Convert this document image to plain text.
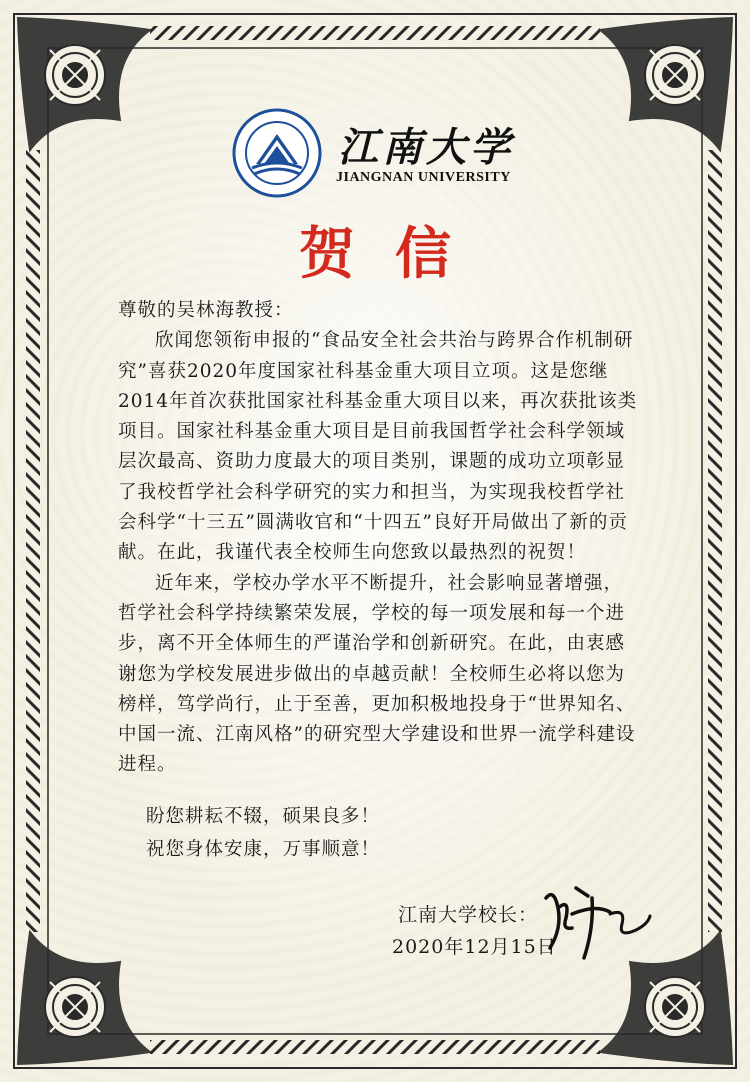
江南大学
JIANGNAN UNIVERSITY
贺信

尊敬的吴林海教授：

欣闻您领衔申报的“食品安全社会共治与跨界合作机制研究”喜获2020年度国家社科基金重大项目立项。这是您继2014年首次获批国家社科基金重大项目以来，再次获批该类项目。国家社科基金重大项目是目前我国哲学社会科学领域层次最高、资助力度最大的项目类别，课题的成功立项彰显了我校哲学社会科学研究的实力和担当，为实现我校哲学社会科学“十三五”圆满收官和“十四五”良好开局做出了新的贡献。在此，我谨代表全校师生向您致以最热烈的祝贺！

近年来，学校办学水平不断提升，社会影响显著增强，哲学社会科学持续繁荣发展，学校的每一项发展和每一个进步，离不开全体师生的严谨治学和创新研究。在此，由衷感谢您为学校发展进步做出的卓越贡献！全校师生必将以您为榜样，笃学尚行，止于至善，更加积极地投身于“世界知名、中国一流、江南风格”的研究型大学建设和世界一流学科建设进程。

盼您耕耘不辍，硕果良多！

祝您身体安康，万事顺意！

江南大学校长：
2020年12月15日
